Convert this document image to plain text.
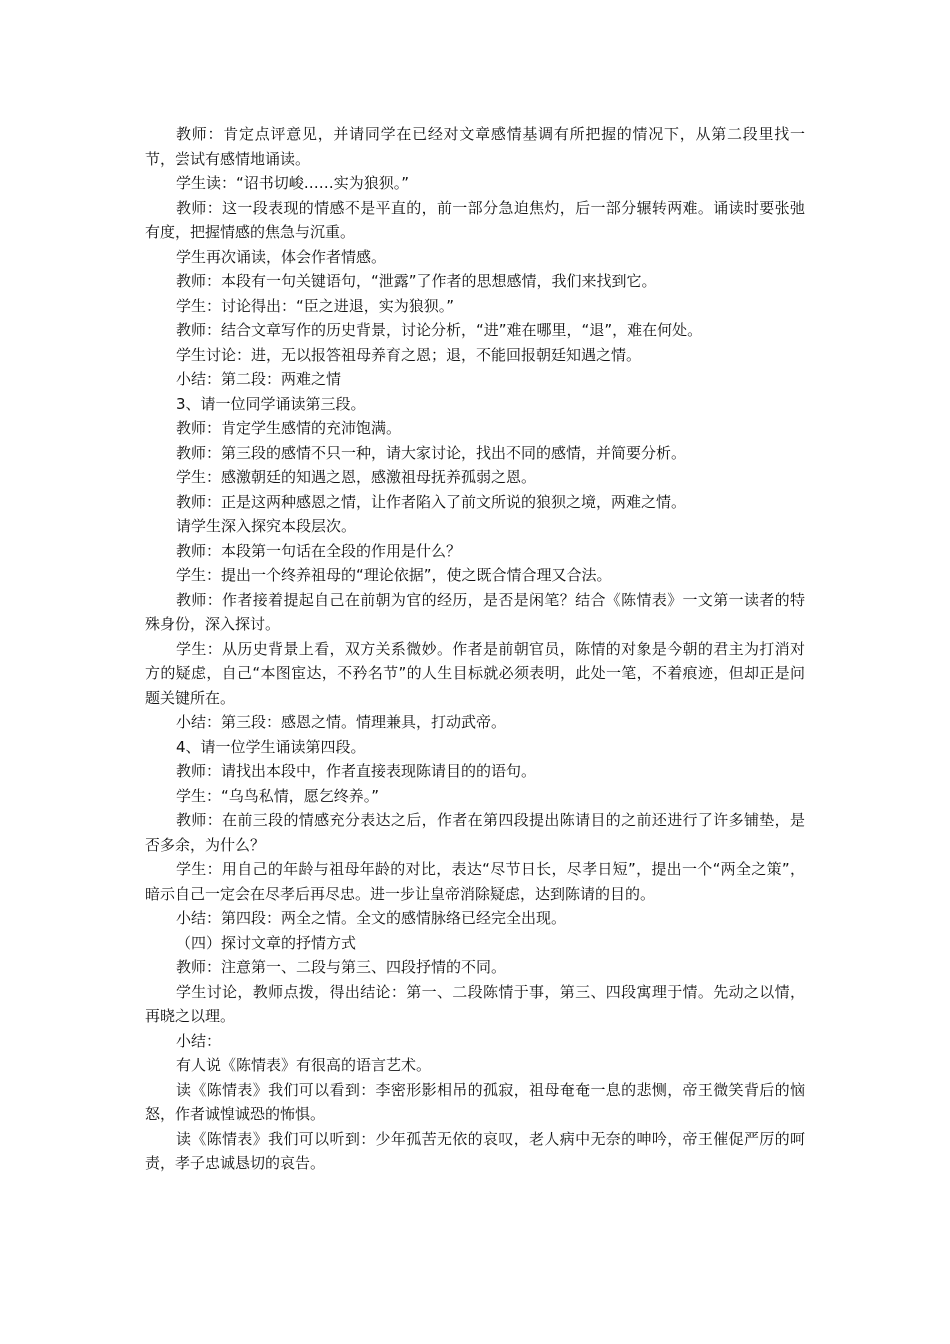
教师：肯定点评意见，并请同学在已经对文章感情基调有所把握的情况下，从第二段里找一节，尝试有感情地诵读。

学生读：“诏书切峻……实为狼狈。”

教师：这一段表现的情感不是平直的，前一部分急迫焦灼，后一部分辗转两难。诵读时要张弛有度，把握情感的焦急与沉重。

学生再次诵读，体会作者情感。

教师：本段有一句关键语句，“泄露”了作者的思想感情，我们来找到它。

学生：讨论得出：“臣之进退，实为狼狈。”

教师：结合文章写作的历史背景，讨论分析，“进”难在哪里，“退”，难在何处。

学生讨论：进，无以报答祖母养育之恩；退，不能回报朝廷知遇之情。

小结：第二段：两难之情

3、请一位同学诵读第三段。

教师：肯定学生感情的充沛饱满。

教师：第三段的感情不只一种，请大家讨论，找出不同的感情，并简要分析。

学生：感激朝廷的知遇之恩，感激祖母抚养孤弱之恩。

教师：正是这两种感恩之情，让作者陷入了前文所说的狼狈之境，两难之情。

请学生深入探究本段层次。

教师：本段第一句话在全段的作用是什么？

学生：提出一个终养祖母的“理论依据”，使之既合情合理又合法。

教师：作者接着提起自己在前朝为官的经历，是否是闲笔？结合《陈情表》一文第一读者的特殊身份，深入探讨。

学生：从历史背景上看，双方关系微妙。作者是前朝官员，陈情的对象是今朝的君主为打消对方的疑虑，自己“本图宦达，不矜名节”的人生目标就必须表明，此处一笔，不着痕迹，但却正是问题关键所在。

小结：第三段：感恩之情。情理兼具，打动武帝。

4、请一位学生诵读第四段。

教师：请找出本段中，作者直接表现陈请目的的语句。

学生：“乌鸟私情，愿乞终养。”

教师：在前三段的情感充分表达之后，作者在第四段提出陈请目的之前还进行了许多铺垫，是否多余，为什么？

学生：用自己的年龄与祖母年龄的对比，表达“尽节日长，尽孝日短”，提出一个“两全之策”，暗示自己一定会在尽孝后再尽忠。进一步让皇帝消除疑虑，达到陈请的目的。

小结：第四段：两全之情。全文的感情脉络已经完全出现。

（四）探讨文章的抒情方式

教师：注意第一、二段与第三、四段抒情的不同。

学生讨论，教师点拨，得出结论：第一、二段陈情于事，第三、四段寓理于情。先动之以情，再晓之以理。

小结：

有人说《陈情表》有很高的语言艺术。

读《陈情表》我们可以看到：李密形影相吊的孤寂，祖母奄奄一息的悲恻，帝王微笑背后的恼怒，作者诚惶诚恐的怖惧。

读《陈情表》我们可以听到：少年孤苦无依的哀叹，老人病中无奈的呻吟，帝王催促严厉的呵责，孝子忠诚恳切的哀告。
